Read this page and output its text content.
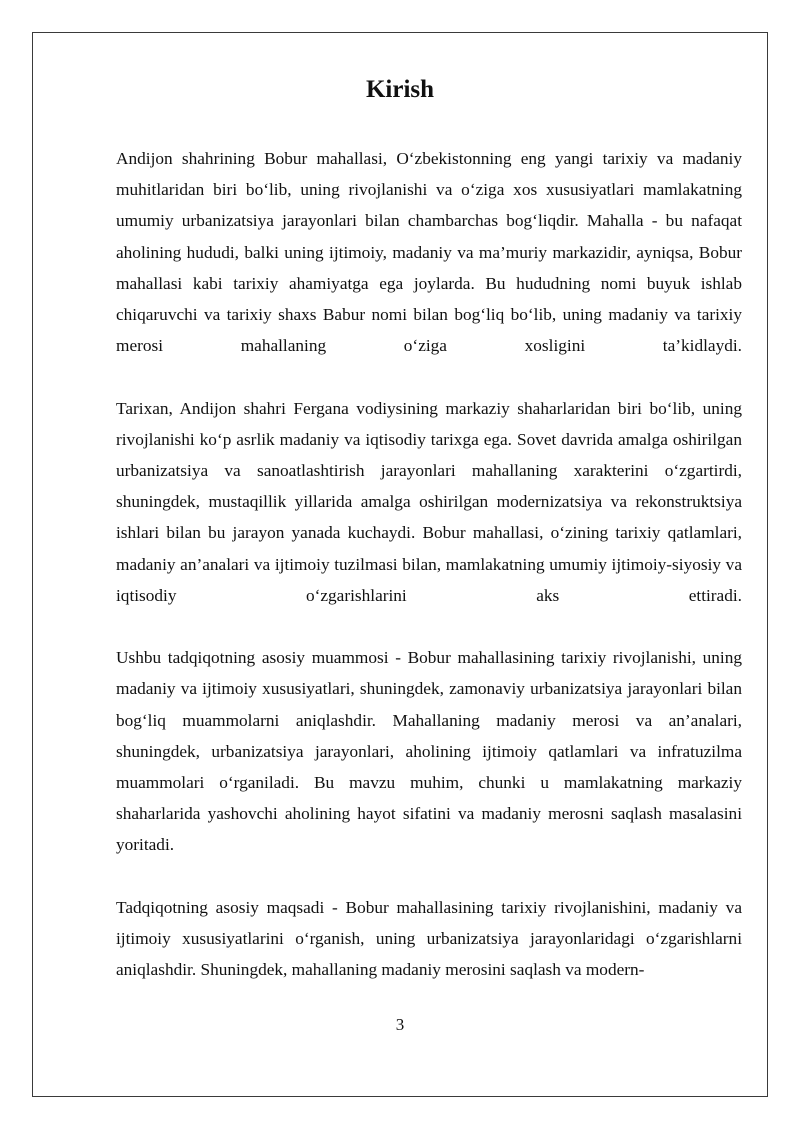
Kirish

Andijon shahrining Bobur mahallasi, O‘zbekistonning eng yangi tarixiy va madaniy muhitlaridan biri bo‘lib, uning rivojlanishi va o‘ziga xos xususiyatlari mamlakatning umumiy urbanizatsiya jarayonlari bilan chambarchas bog‘liqdir. Mahalla - bu nafaqat aholining hududi, balki uning ijtimoiy, madaniy va ma’muriy markazidir, ayniqsa, Bobur mahallasi kabi tarixiy ahamiyatga ega joylarda. Bu hududning nomi buyuk ishlab chiqaruvchi va tarixiy shaxs Babur nomi bilan bog‘liq bo‘lib, uning madaniy va tarixiy merosi mahallaning o‘ziga xosligini ta’kidlaydi.

Tarixan, Andijon shahri Fergana vodiysining markaziy shaharlaridan biri bo‘lib, uning rivojlanishi ko‘p asrlik madaniy va iqtisodiy tarixga ega. Sovet davrida amalga oshirilgan urbanizatsiya va sanoatlashtirish jarayonlari mahallaning xarakterini o‘zgartirdi, shuningdek, mustaqillik yillarida amalga oshirilgan modernizatsiya va rekonstruktsiya ishlari bilan bu jarayon yanada kuchaydi. Bobur mahallasi, o‘zining tarixiy qatlamlari, madaniy an’analari va ijtimoiy tuzilmasi bilan, mamlakatning umumiy ijtimoiy-siyosiy va iqtisodiy o‘zgarishlarini aks ettiradi.

Ushbu tadqiqotning asosiy muammosi - Bobur mahallasining tarixiy rivojlanishi, uning madaniy va ijtimoiy xususiyatlari, shuningdek, zamonaviy urbanizatsiya jarayonlari bilan bog‘liq muammolarni aniqlashdir. Mahallaning madaniy merosi va an’analari, shuningdek, urbanizatsiya jarayonlari, aholining ijtimoiy qatlamlari va infratuzilma muammolari o‘rganiladi. Bu mavzu muhim, chunki u mamlakatning markaziy shaharlarida yashovchi aholining hayot sifatini va madaniy merosni saqlash masalasini yoritadi.

Tadqiqotning asosiy maqsadi - Bobur mahallasining tarixiy rivojlanishini, madaniy va ijtimoiy xususiyatlarini o‘rganish, uning urbanizatsiya jarayonlaridagi o‘zgarishlarni aniqlashdir. Shuningdek, mahallaning madaniy merosini saqlash va modern-

3
